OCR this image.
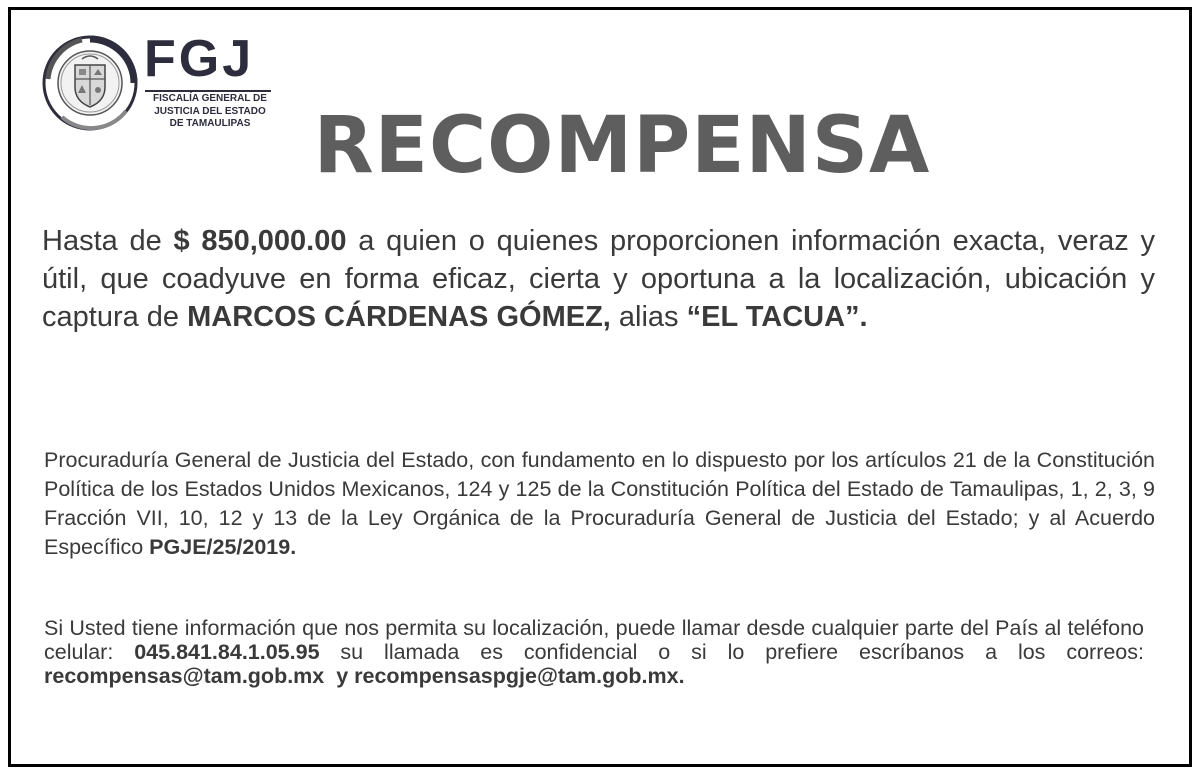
FGJ
FISCALÍA GENERAL DE
JUSTICIA DEL ESTADO
DE TAMAULIPAS RECOMPENSA
Hasta de $ 850,000.00 a quien o quienes proporcionen información exacta, veraz y útil, que coadyuve en forma eficaz, cierta y oportuna a la localización, ubicación y captura de MARCOS CÁRDENAS GÓMEZ, alias “EL TACUA”.
Procuraduría General de Justicia del Estado, con fundamento en lo dispuesto por los artículos 21 de la Constitución Política de los Estados Unidos Mexicanos, 124 y 125 de la Constitución Política del Estado de Tamaulipas, 1, 2, 3, 9 Fracción VII, 10, 12 y 13 de la Ley Orgánica de la Procuraduría General de Justicia del Estado; y al Acuerdo Específico PGJE/25/2019.
Si Usted tiene información que nos permita su localización, puede llamar desde cualquier parte del País al teléfono celular: 045.841.84.1.05.95 su llamada es confidencial o si lo prefiere escríbanos a los correos: recompensas@tam.gob.mx  y recompensaspgje@tam.gob.mx.
